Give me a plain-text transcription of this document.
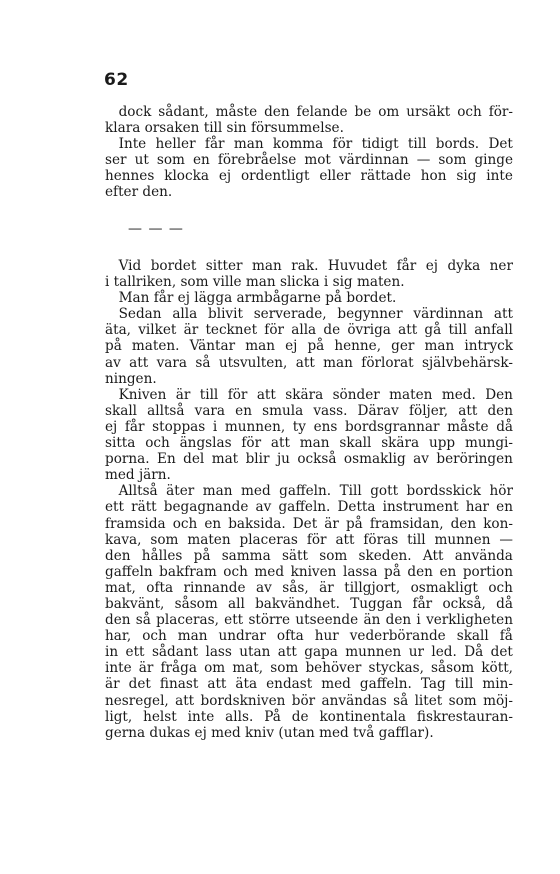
62
 dock sådant, måste den felande be om ursäkt och för-
klara orsaken till sin försummelse.
 Inte heller får man komma för tidigt till bords. Det
ser ut som en förebråelse mot värdinnan — som ginge
hennes klocka ej ordentligt eller rättade hon sig inte
efter den.
— — —
 Vid bordet sitter man rak. Huvudet får ej dyka ner
i tallriken, som ville man slicka i sig maten.
 Man får ej lägga armbågarne på bordet.
 Sedan alla blivit serverade, begynner värdinnan att
äta, vilket är tecknet för alla de övriga att gå till anfall
på maten. Väntar man ej på henne, ger man intryck
av att vara så utsvulten, att man förlorat självbehärsk-
ningen.
 Kniven är till för att skära sönder maten med. Den
skall alltså vara en smula vass. Därav följer, att den
ej får stoppas i munnen, ty ens bordsgrannar måste då
sitta och ängslas för att man skall skära upp mungi-
porna. En del mat blir ju också osmaklig av beröringen
med järn.
 Alltså äter man med gaffeln. Till gott bordsskick hör
ett rätt begagnande av gaffeln. Detta instrument har en
framsida och en baksida. Det är på framsidan, den kon-
kava, som maten placeras för att föras till munnen —
den hålles på samma sätt som skeden. Att använda
gaffeln bakfram och med kniven lassa på den en portion
mat, ofta rinnande av sås, är tillgjort, osmakligt och
bakvänt, såsom all bakvändhet. Tuggan får också, då
den så placeras, ett större utseende än den i verkligheten
har, och man undrar ofta hur vederbörande skall få
in ett sådant lass utan att gapa munnen ur led. Då det
inte är fråga om mat, som behöver styckas, såsom kött,
är det finast att äta endast med gaffeln. Tag till min-
nesregel, att bordskniven bör användas så litet som möj-
ligt, helst inte alls. På de kontinentala fiskrestauran-
gerna dukas ej med kniv (utan med två gafflar).
